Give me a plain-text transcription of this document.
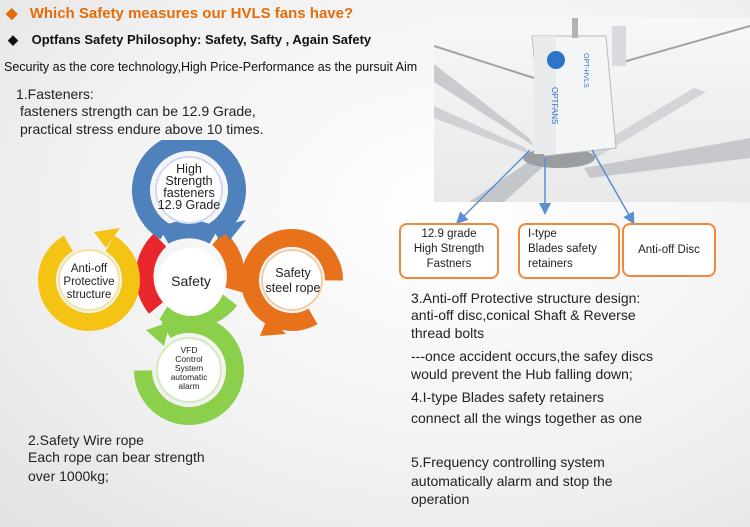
◆ Which Safety measures our HVLS fans have?
◆ Optfans Safety Philosophy: Safety, Safty , Again Safety
Security as the core technology,High Price-Performance as the pursuit Aim
OPTFANS
OPT-HVLS
12.9 grade
High Strength
Fastners
I-type
Blades safety
retainers
Anti-off Disc
1.Fasteners:
fasteners strength can be 12.9 Grade,
practical stress endure above 10 times.
High
Strength
fasteners
12.9 Grade
Anti-off
Protective
structure
Safety	Safety
steel rope
VFD
Control
System
automatic
alarm
2.Safety Wire rope
Each rope can bear strength
over 1000kg;
3.Anti-off Protective structure design:
anti-off disc,conical Shaft & Reverse
thread bolts
---once accident occurs,the safey discs
would prevent the Hub falling down;
4.I-type Blades safety retainers
connect all the wings together as one
5.Frequency controlling system
automatically alarm and stop the
operation
